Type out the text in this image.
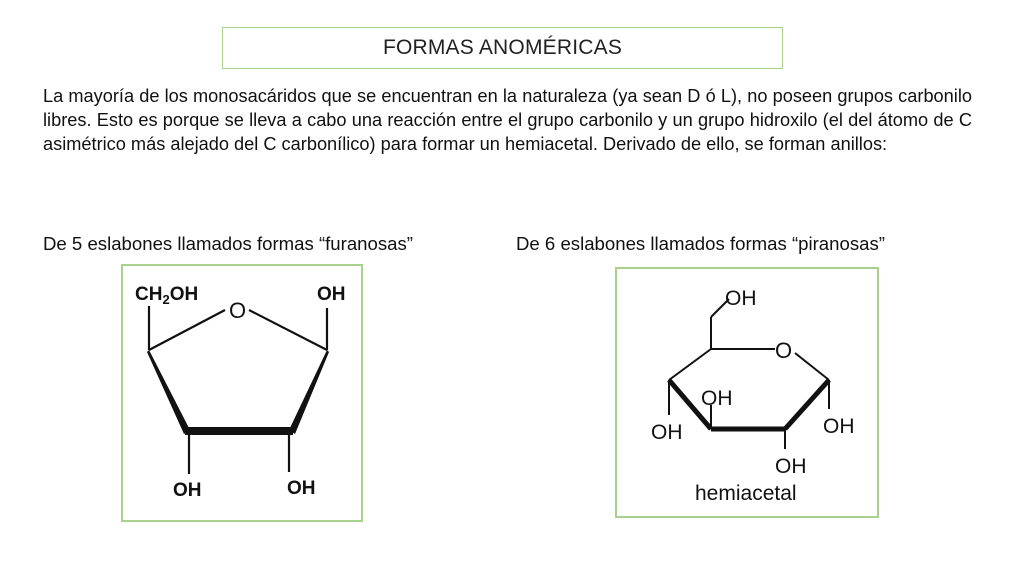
FORMAS ANOMÉRICAS
La mayoría de los monosacáridos que se encuentran en la naturaleza (ya sean D ó L), no poseen grupos carbonilo libres. Esto es porque se lleva a cabo una reacción entre el grupo carbonilo y un grupo hidroxilo (el del átomo de C asimétrico más alejado del C carbonílico) para formar un hemiacetal. Derivado de ello, se forman anillos:
De 5 eslabones llamados formas “furanosas”	De 6 eslabones llamados formas “piranosas”
$CH_2OH$
O
OH
OH	OH
OH
O
OH
OH	OH
OH
hemiacetal
